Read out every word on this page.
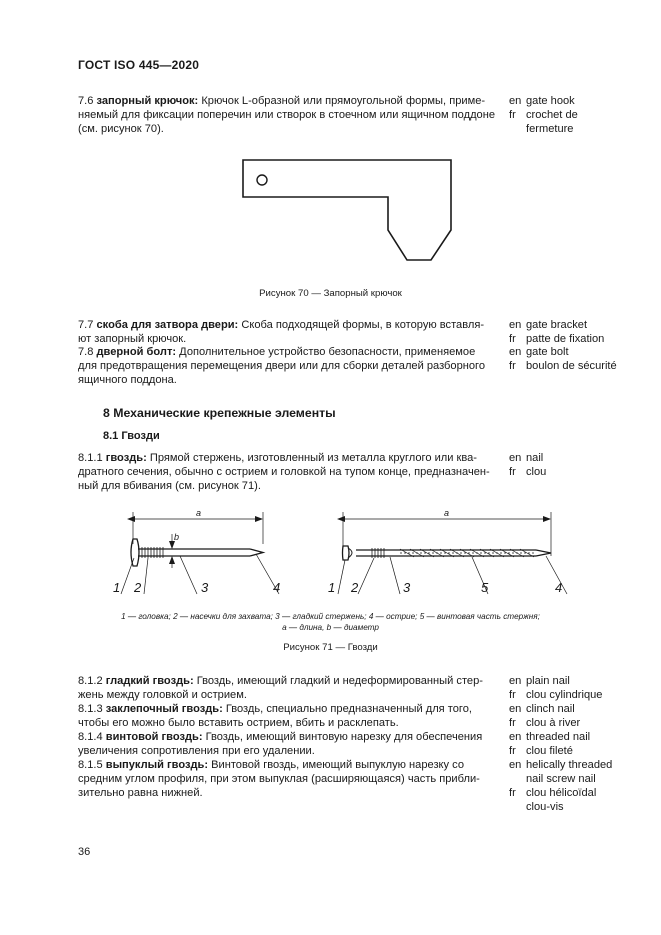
ГОСТ ISO 445—2020
7.6 запорный крючок: Крючок L-образной или прямоугольной формы, приме-
няемый для фиксации поперечин или створок в стоечном или ящичном поддоне
(см. рисунок 70).
en gate hook
fr crochet de
fermeture
Рисунок 70 — Запорный крючок
7.7 скоба для затвора двери: Скоба подходящей формы, в которую вставля-
ют запорный крючок.
en gate bracket
fr patte de fixation
7.8 дверной болт: Дополнительное устройство безопасности, применяемое
для предотвращения перемещения двери или для сборки деталей разборного
ящичного поддона.
en gate bolt
fr boulon de sécurité
8 Механические крепежные элементы
8.1 Гвозди
8.1.1 гвоздь: Прямой стержень, изготовленный из металла круглого или ква-
дратного сечения, обычно с острием и головкой на тупом конце, предназначен-
ный для вбивания (см. рисунок 71).
en nail
fr clou
a
b
1 2	3	4
a
1 2	3	5	4
1 — головка; 2 — насечки для захвата; 3 — гладкий стержень; 4 — острие; 5 — винтовая часть стержня;
a — длина, b — диаметр
Рисунок 71 — Гвозди
8.1.2 гладкий гвоздь: Гвоздь, имеющий гладкий и недеформированный стер-
жень между головкой и острием.
en plain nail
fr clou cylindrique
8.1.3 заклепочный гвоздь: Гвоздь, специально предназначенный для того,
чтобы его можно было вставить острием, вбить и расклепать.
en clinch nail
fr clou à river
8.1.4 винтовой гвоздь: Гвоздь, имеющий винтовую нарезку для обеспечения
увеличения сопротивления при его удалении.
en threaded nail
fr clou fileté
8.1.5 выпуклый гвоздь: Винтовой гвоздь, имеющий выпуклую нарезку со
средним углом профиля, при этом выпуклая (расширяющаяся) часть прибли-
зительно равна нижней.
en helically threaded
nail screw nail
fr clou hélicoïdal
clou-vis
36
